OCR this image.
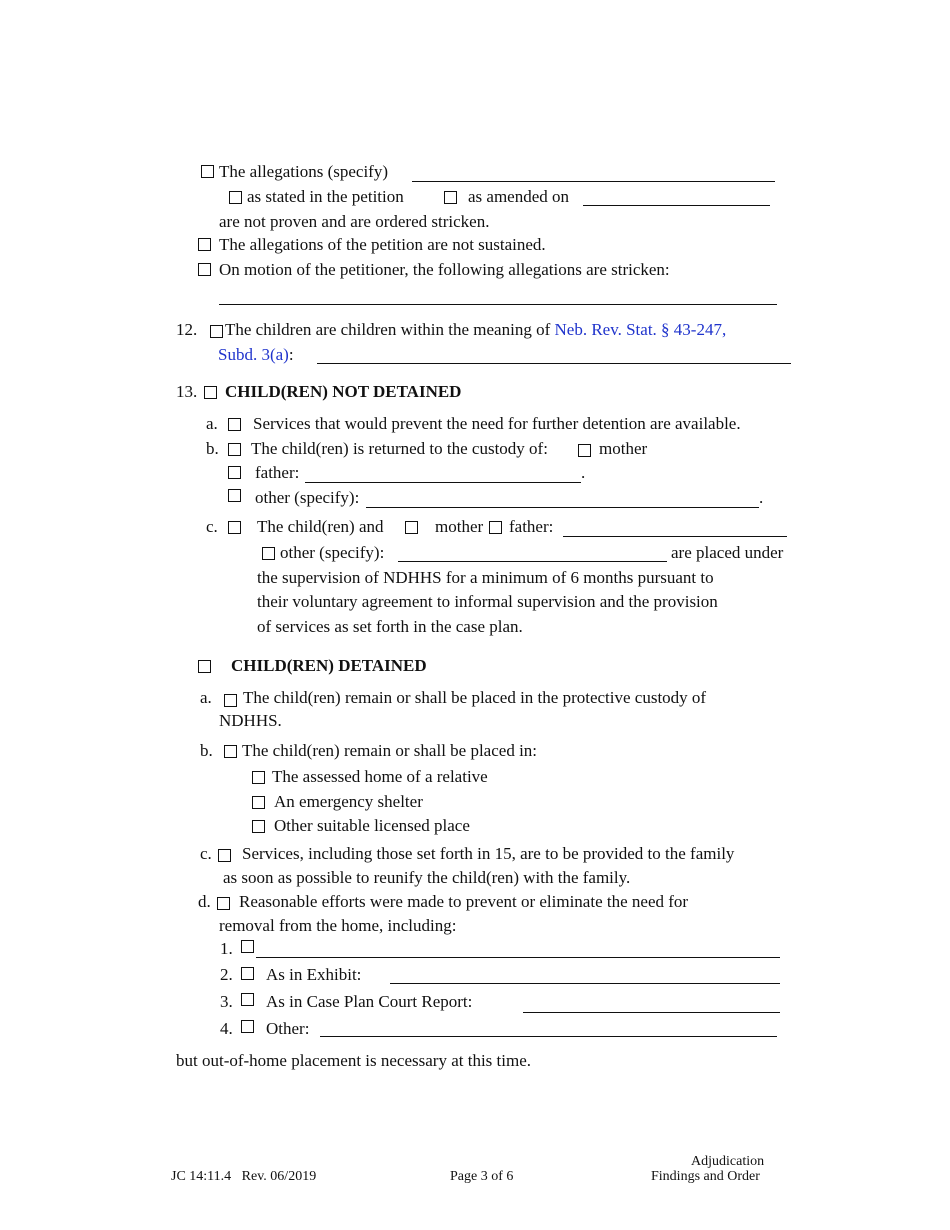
The allegations (specify)
as stated in the petition	as amended on
are not proven and are ordered stricken.
The allegations of the petition are not sustained.
On motion of the petitioner, the following allegations are stricken:
12. The children are children within the meaning of Neb. Rev. Stat. § 43-247,
Subd. 3(a):
13. CHILD(REN) NOT DETAINED
a. Services that would prevent the need for further detention are available.
b. The child(ren) is returned to the custody of:	mother
father:	.
other (specify):	.
c. The child(ren) and	mother father:
other (specify):	are placed under
the supervision of NDHHS for a minimum of 6 months pursuant to
their voluntary agreement to informal supervision and the provision
of services as set forth in the case plan.
CHILD(REN) DETAINED
a. The child(ren) remain or shall be placed in the protective custody of
NDHHS.
b. The child(ren) remain or shall be placed in:
The assessed home of a relative
An emergency shelter
Other suitable licensed place
c. Services, including those set forth in 15, are to be provided to the family
as soon as possible to reunify the child(ren) with the family.
d. Reasonable efforts were made to prevent or eliminate the need for
removal from the home, including:
1.
2. As in Exhibit:
3. As in Case Plan Court Report:
4. Other:
but out-of-home placement is necessary at this time.
JC 14:11.4 Rev. 06/2019	Page 3 of 6
Adjudication
Findings and Order
